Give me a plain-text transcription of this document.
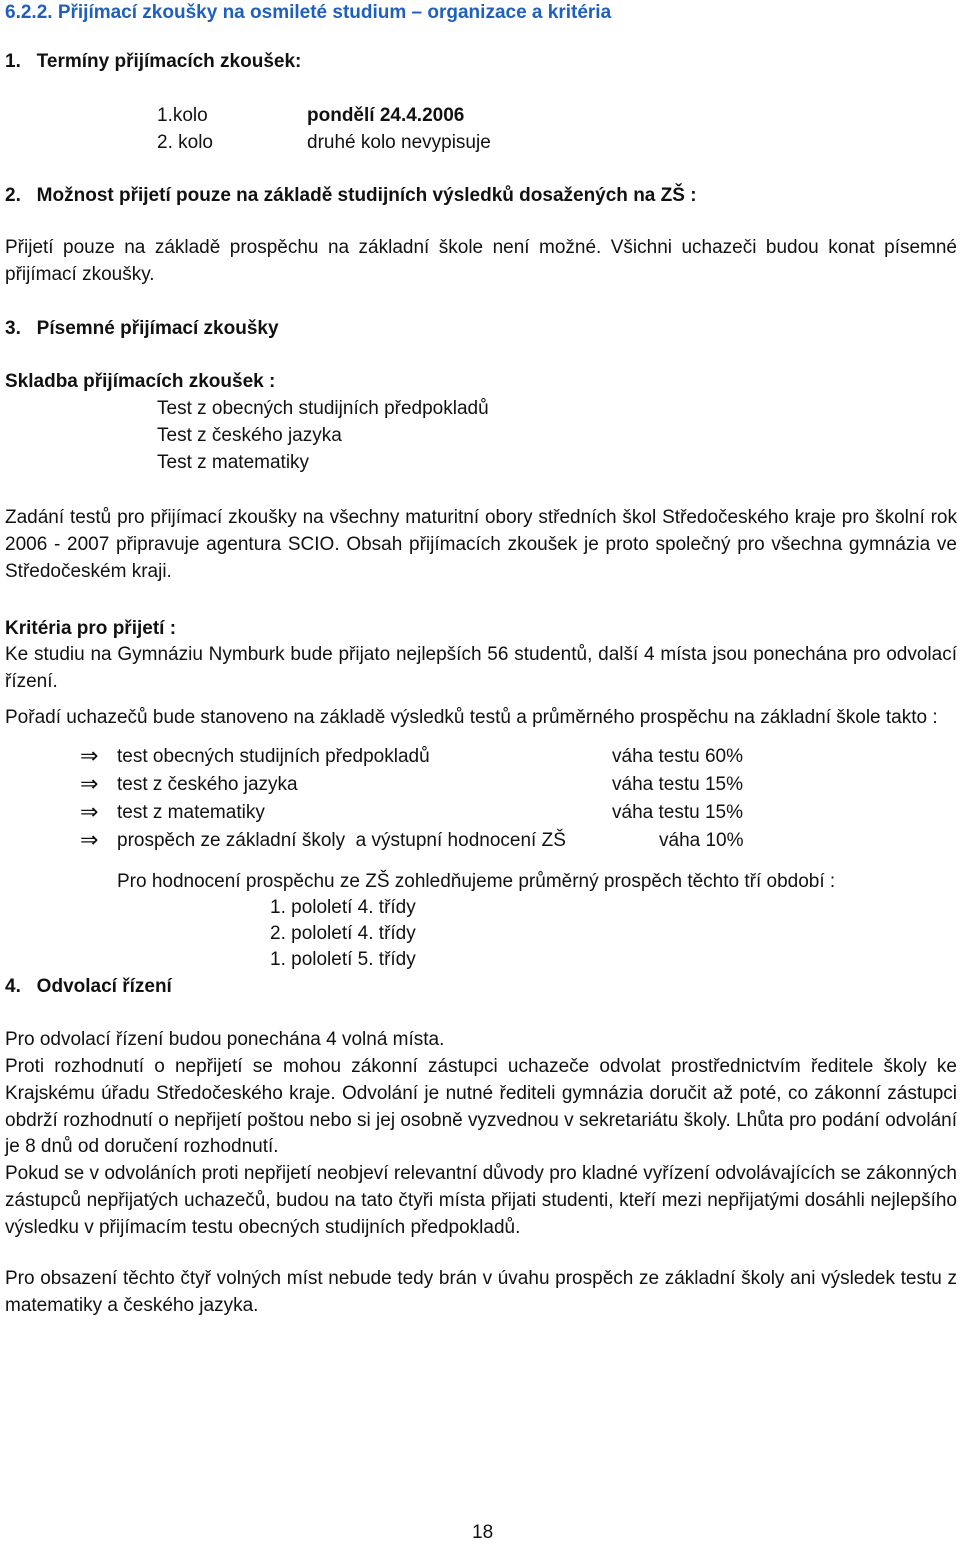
6.2.2. Přijímací zkoušky na osmileté studium – organizace a kritéria
1.   Termíny přijímacích zkoušek:
1.kolo	pondělí 24.4.2006
2. kolo	druhé kolo nevypisuje
2.   Možnost přijetí pouze na základě studijních výsledků dosažených na ZŠ :
Přijetí pouze na základě prospěchu na základní škole není možné. Všichni uchazeči budou konat písemné přijímací zkoušky.
3.   Písemné přijímací zkoušky
Skladba přijímacích zkoušek :
Test z obecných studijních předpokladů
Test z českého jazyka
Test z matematiky
Zadání testů pro přijímací zkoušky na všechny maturitní obory středních škol Středočeského kraje pro školní rok 2006 - 2007 připravuje agentura SCIO. Obsah přijímacích zkoušek je proto společný pro všechna gymnázia ve Středočeském kraji.
Kritéria pro přijetí :
Ke studiu na Gymnáziu Nymburk bude přijato nejlepších 56 studentů, další 4 místa jsou ponechána pro odvolací řízení.
Pořadí uchazečů bude stanoveno na základě výsledků testů a průměrného prospěchu na základní škole takto :
⇒ test obecných studijních předpokladů	váha testu 60%
⇒ test z českého jazyka	váha testu 15%
⇒ test z matematiky	váha testu 15%
⇒ prospěch ze základní školy  a výstupní hodnocení ZŠ	váha 10%
Pro hodnocení prospěchu ze ZŠ zohledňujeme průměrný prospěch těchto tří období :
1. pololetí 4. třídy
2. pololetí 4. třídy
1. pololetí 5. třídy
4.   Odvolací řízení
Pro odvolací řízení budou ponechána 4 volná místa.
Proti rozhodnutí o nepřijetí se mohou zákonní zástupci uchazeče odvolat prostřednictvím ředitele školy ke Krajskému úřadu Středočeského kraje. Odvolání je nutné řediteli gymnázia doručit až poté, co zákonní zástupci obdrží rozhodnutí o nepřijetí poštou nebo si jej osobně vyzvednou v sekretariátu školy. Lhůta pro podání odvolání je 8 dnů od doručení rozhodnutí.
Pokud se v odvoláních proti nepřijetí neobjeví relevantní důvody pro kladné vyřízení odvolávajících se zákonných zástupců nepřijatých uchazečů, budou na tato čtyři místa přijati studenti, kteří mezi nepřijatými dosáhli nejlepšího výsledku v přijímacím testu obecných studijních předpokladů.
Pro obsazení těchto čtyř volných míst nebude tedy brán v úvahu prospěch ze základní školy ani výsledek testu z matematiky a českého jazyka.
18
